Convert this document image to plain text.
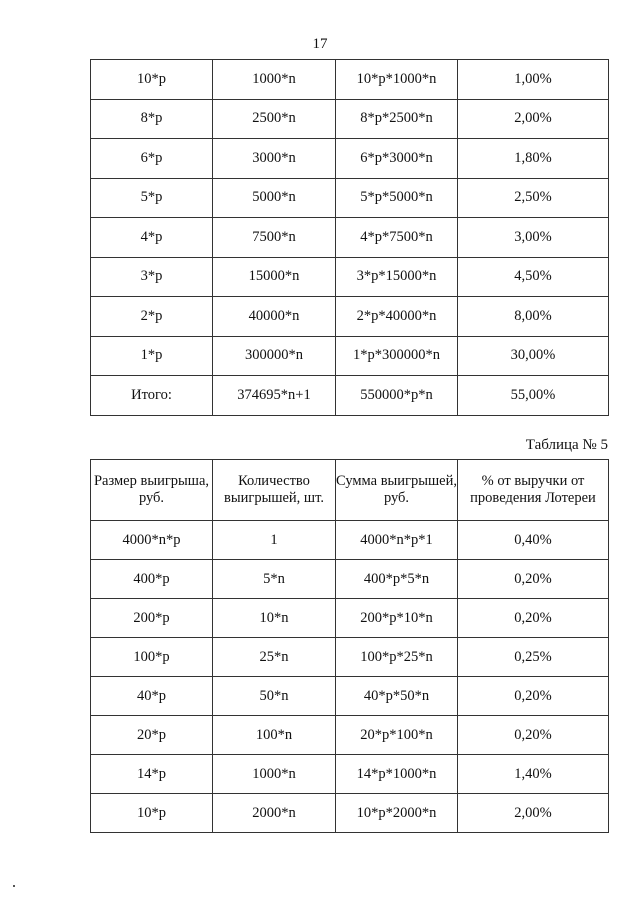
17
10*р	1000*n	10*р*1000*n	1,00%
8*р	2500*n	8*р*2500*n	2,00%
6*р	3000*n	6*р*3000*n	1,80%
5*р	5000*n	5*р*5000*n	2,50%
4*р	7500*n	4*р*7500*n	3,00%
3*р	15000*n	3*р*15000*n	4,50%
2*р	40000*n	2*р*40000*n	8,00%
1*р	300000*n	1*р*300000*n	30,00%
Итого:	374695*n+1	550000*р*n	55,00%
Таблица № 5
Размер выигрыша, руб.	Количество выигрышей, шт.	Сумма выигрышей, руб.	% от выручки от проведения Лотереи
4000*n*р	1	4000*n*р*1	0,40%
400*р	5*n	400*р*5*n	0,20%
200*р	10*n	200*р*10*n	0,20%
100*р	25*n	100*р*25*n	0,25%
40*р	50*n	40*р*50*n	0,20%
20*р	100*n	20*р*100*n	0,20%
14*р	1000*n	14*р*1000*n	1,40%
10*р	2000*n	10*р*2000*n	2,00%
